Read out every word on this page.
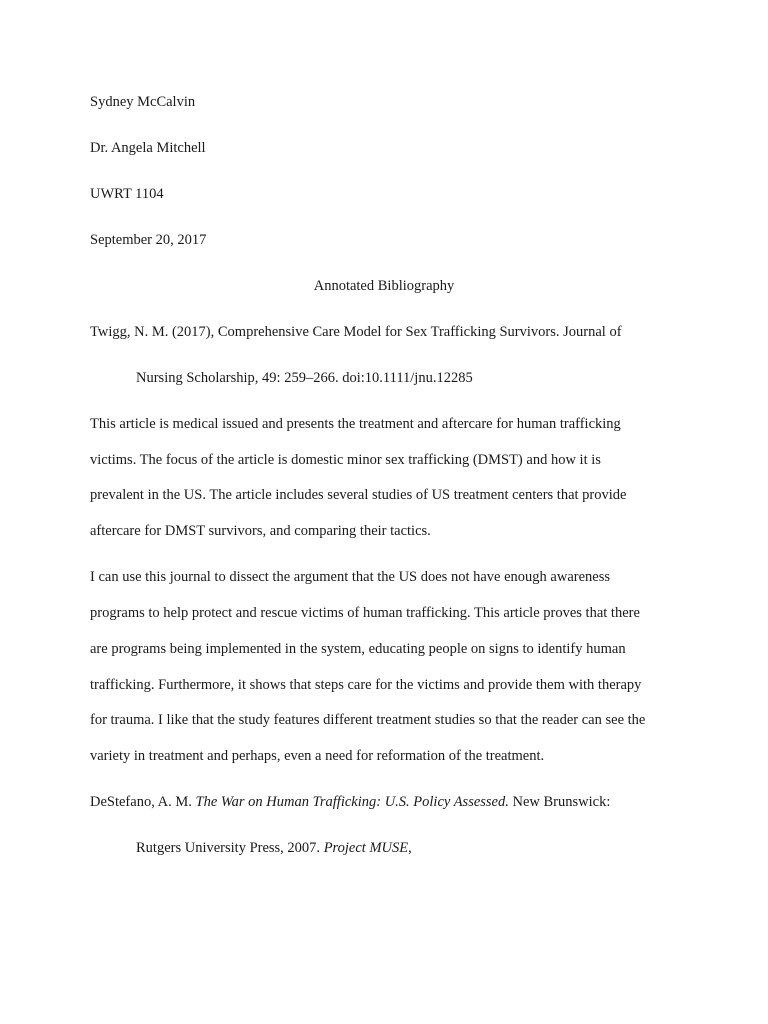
Sydney McCalvin
Dr. Angela Mitchell
UWRT 1104
September 20, 2017
Annotated Bibliography
Twigg, N. M. (2017), Comprehensive Care Model for Sex Trafficking Survivors. Journal of
Nursing Scholarship, 49: 259–266. doi:10.1111/jnu.12285
This article is medical issued and presents the treatment and aftercare for human trafficking
victims. The focus of the article is domestic minor sex trafficking (DMST) and how it is
prevalent in the US. The article includes several studies of US treatment centers that provide
aftercare for DMST survivors, and comparing their tactics.
I can use this journal to dissect the argument that the US does not have enough awareness
programs to help protect and rescue victims of human trafficking. This article proves that there
are programs being implemented in the system, educating people on signs to identify human
trafficking. Furthermore, it shows that steps care for the victims and provide them with therapy
for trauma. I like that the study features different treatment studies so that the reader can see the
variety in treatment and perhaps, even a need for reformation of the treatment.
DeStefano, A. M. The War on Human Trafficking: U.S. Policy Assessed. New Brunswick:
Rutgers University Press, 2007. Project MUSE,
